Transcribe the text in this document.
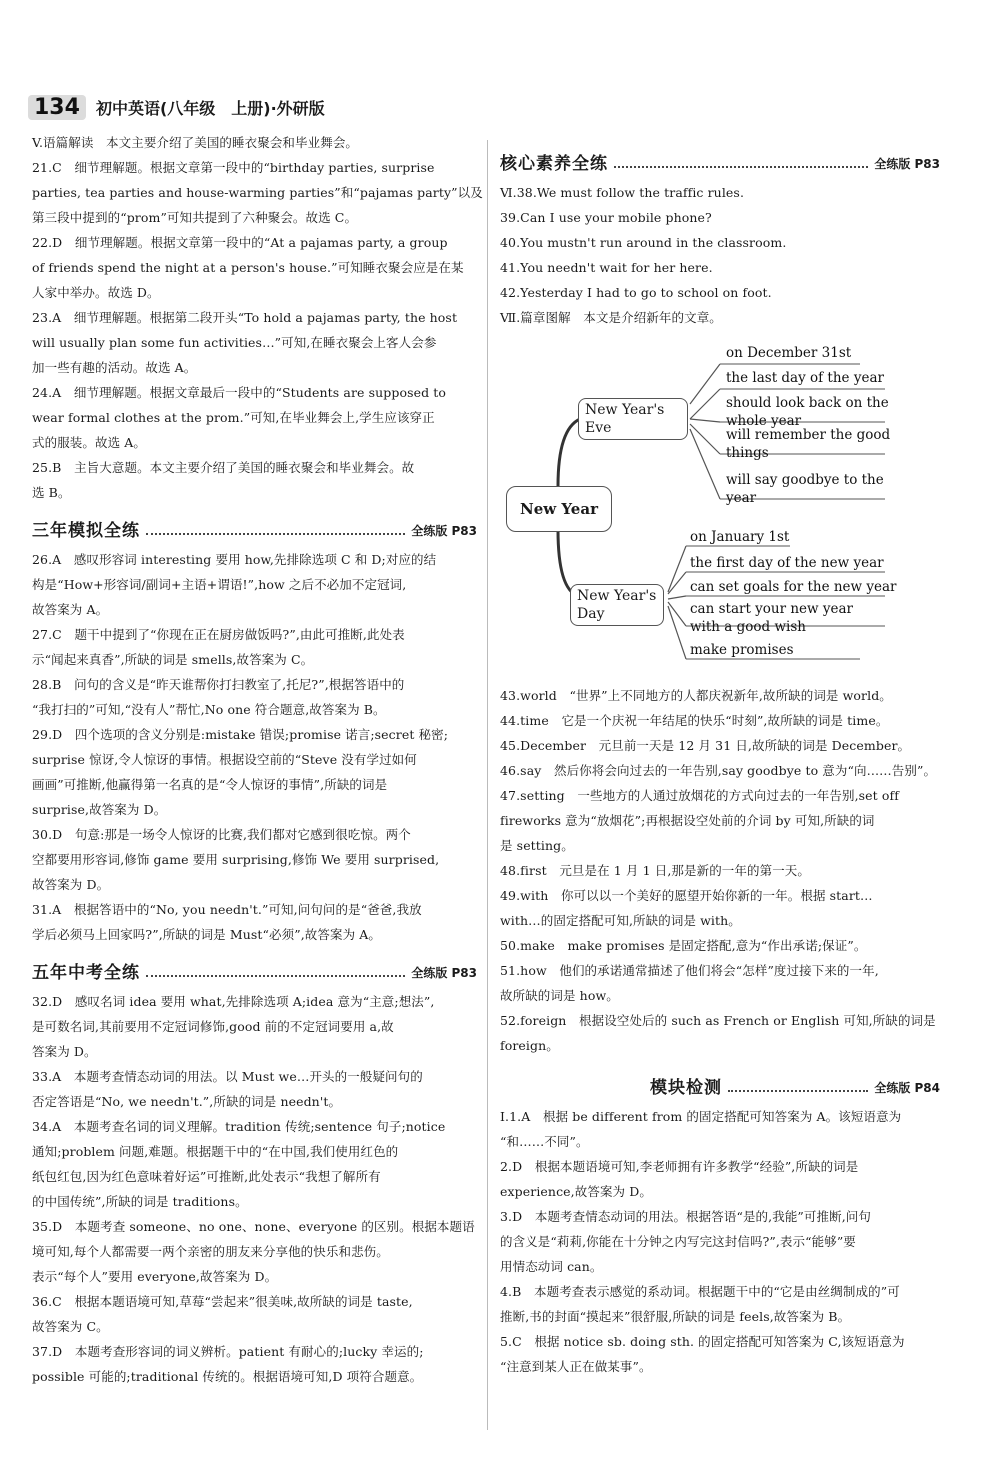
134	初中英语(八年级　上册)·外研版
V.语篇解读　本文主要介绍了美国的睡衣聚会和毕业舞会。
21.C　细节理解题。根据文章第一段中的“birthday parties, surprise
parties, tea parties and house-warming parties”和“pajamas party”以及
第三段中提到的“prom”可知共提到了六种聚会。故选 C。
22.D　细节理解题。根据文章第一段中的“At a pajamas party, a group
of friends spend the night at a person's house.”可知睡衣聚会应是在某
人家中举办。故选 D。
23.A　细节理解题。根据第二段开头“To hold a pajamas party, the host
will usually plan some fun activities…”可知,在睡衣聚会上客人会参
加一些有趣的活动。故选 A。
24.A　细节理解题。根据文章最后一段中的“Students are supposed to
wear formal clothes at the prom.”可知,在毕业舞会上,学生应该穿正
式的服装。故选 A。
25.B　主旨大意题。本文主要介绍了美国的睡衣聚会和毕业舞会。故
选 B。
三年模拟全练	全练版 P83
26.A　感叹形容词 interesting 要用 how,先排除选项 C 和 D;对应的结
构是“How+形容词/副词+主语+谓语!”,how 之后不必加不定冠词,
故答案为 A。
27.C　题干中提到了“你现在正在厨房做饭吗?”,由此可推断,此处表
示“闻起来真香”,所缺的词是 smells,故答案为 C。
28.B　问句的含义是“昨天谁帮你打扫教室了,托尼?”,根据答语中的
“我打扫的”可知,“没有人”帮忙,No one 符合题意,故答案为 B。
29.D　四个选项的含义分别是:mistake 错误;promise 诺言;secret 秘密;
surprise 惊讶,令人惊讶的事情。根据设空前的“Steve 没有学过如何
画画”可推断,他赢得第一名真的是“令人惊讶的事情”,所缺的词是
surprise,故答案为 D。
30.D　句意:那是一场令人惊讶的比赛,我们都对它感到很吃惊。两个
空都要用形容词,修饰 game 要用 surprising,修饰 We 要用 surprised,
故答案为 D。
31.A　根据答语中的“No, you needn't.”可知,问句问的是“爸爸,我放
学后必须马上回家吗?”,所缺的词是 Must“必须”,故答案为 A。
五年中考全练	全练版 P83
32.D　感叹名词 idea 要用 what,先排除选项 A;idea 意为“主意;想法”,
是可数名词,其前要用不定冠词修饰,good 前的不定冠词要用 a,故
答案为 D。
33.A　本题考查情态动词的用法。以 Must we…开头的一般疑问句的
否定答语是“No, we needn't.”,所缺的词是 needn't。
34.A　本题考查名词的词义理解。tradition 传统;sentence 句子;notice
通知;problem 问题,难题。根据题干中的“在中国,我们使用红色的
纸包红包,因为红色意味着好运”可推断,此处表示“我想了解所有
的中国传统”,所缺的词是 traditions。
35.D　本题考查 someone、no one、none、everyone 的区别。根据本题语
境可知,每个人都需要一两个亲密的朋友来分享他的快乐和悲伤。
表示“每个人”要用 everyone,故答案为 D。
36.C　根据本题语境可知,草莓“尝起来”很美味,故所缺的词是 taste,
故答案为 C。
37.D　本题考查形容词的词义辨析。patient 有耐心的;lucky 幸运的;
possible 可能的;traditional 传统的。根据语境可知,D 项符合题意。
核心素养全练	全练版 P83
Ⅵ.38.We must follow the traffic rules.
39.Can I use your mobile phone?
40.You mustn't run around in the classroom.
41.You needn't wait for her here.
42.Yesterday I had to go to school on foot.
Ⅶ.篇章图解　本文是介绍新年的文章。
New Year
New Year's Eve
New Year's Day
on December 31st
the last day of the year
should look back on the whole year
will remember the good things
will say goodbye to the year
on January 1st
the first day of the new year
can set goals for the new year
can start your new year with a good wish
make promises
43.world　“世界”上不同地方的人都庆祝新年,故所缺的词是 world。
44.time　它是一个庆祝一年结尾的快乐“时刻”,故所缺的词是 time。
45.December　元旦前一天是 12 月 31 日,故所缺的词是 December。
46.say　然后你将会向过去的一年告别,say goodbye to 意为“向……告别”。
47.setting　一些地方的人通过放烟花的方式向过去的一年告别,set off
fireworks 意为“放烟花”;再根据设空处前的介词 by 可知,所缺的词
是 setting。
48.first　元旦是在 1 月 1 日,那是新的一年的第一天。
49.with　你可以以一个美好的愿望开始你新的一年。根据 start…
with…的固定搭配可知,所缺的词是 with。
50.make　make promises 是固定搭配,意为“作出承诺;保证”。
51.how　他们的承诺通常描述了他们将会“怎样”度过接下来的一年,
故所缺的词是 how。
52.foreign　根据设空处后的 such as French or English 可知,所缺的词是
foreign。
模块检测	全练版 P84
Ⅰ.1.A　根据 be different from 的固定搭配可知答案为 A。该短语意为
“和……不同”。
2.D　根据本题语境可知,李老师拥有许多教学“经验”,所缺的词是
experience,故答案为 D。
3.D　本题考查情态动词的用法。根据答语“是的,我能”可推断,问句
的含义是“莉莉,你能在十分钟之内写完这封信吗?”,表示“能够”要
用情态动词 can。
4.B　本题考查表示感觉的系动词。根据题干中的“它是由丝绸制成的”可
推断,书的封面“摸起来”很舒服,所缺的词是 feels,故答案为 B。
5.C　根据 notice sb. doing sth. 的固定搭配可知答案为 C,该短语意为
“注意到某人正在做某事”。
